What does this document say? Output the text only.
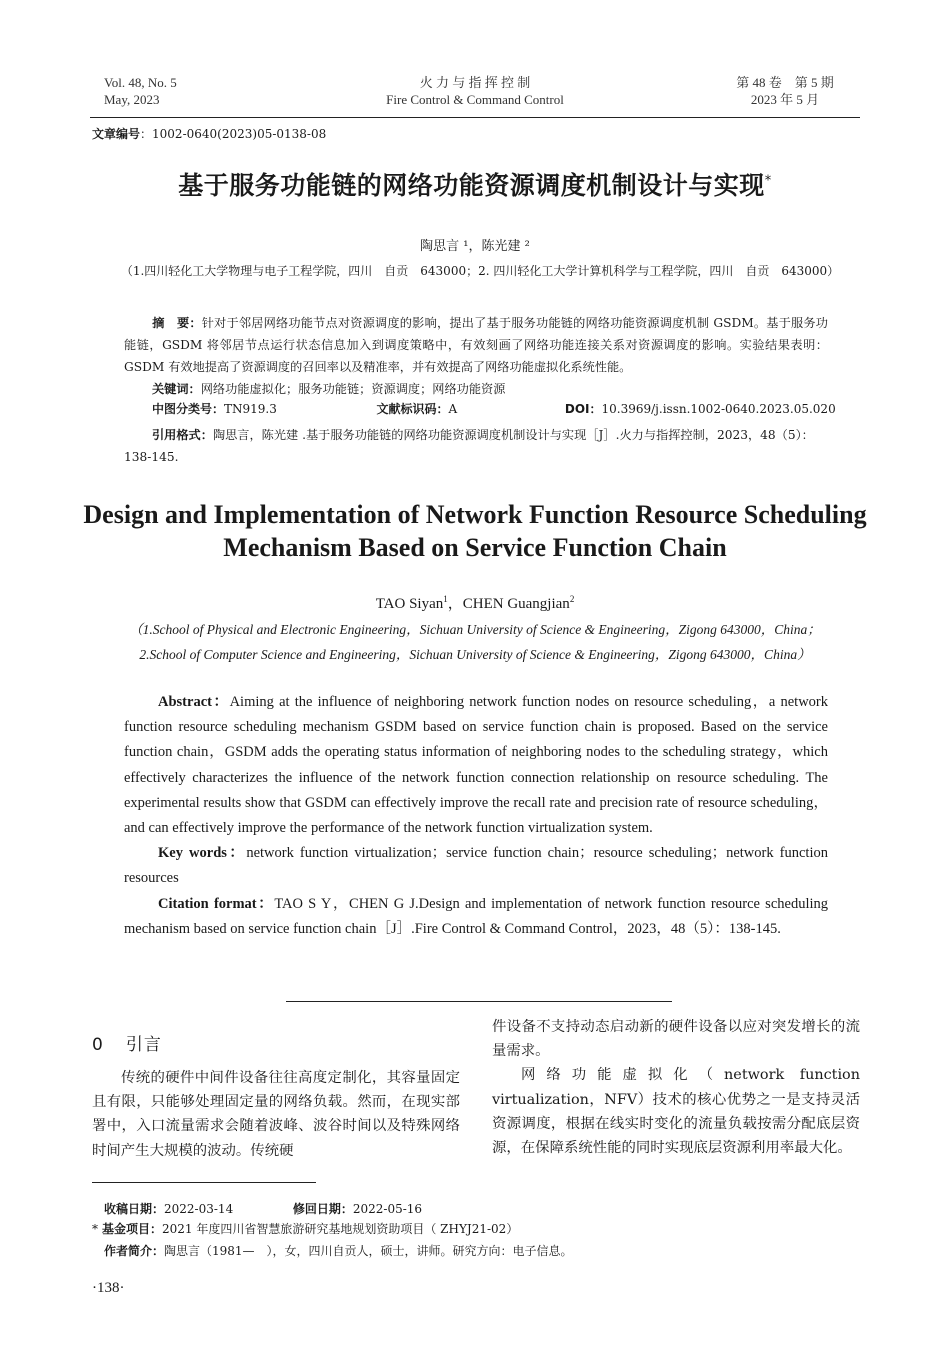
Vol. 48, No. 5
May, 2023
火 力 与 指 挥 控 制
Fire Control & Command Control
第 48 卷　第 5 期
2023 年 5 月
文章编号：1002-0640(2023)05-0138-08
基于服务功能链的网络功能资源调度机制设计与实现*
陶思言 ¹，陈光建 ²
（1.四川轻化工大学物理与电子工程学院，四川　自贡　643000；2. 四川轻化工大学计算机科学与工程学院，四川　自贡　643000）
摘　要：针对于邻居网络功能节点对资源调度的影响，提出了基于服务功能链的网络功能资源调度机制 GSDM。基于服务功能链，GSDM 将邻居节点运行状态信息加入到调度策略中，有效刻画了网络功能连接关系对资源调度的影响。实验结果表明：GSDM 有效地提高了资源调度的召回率以及精准率，并有效提高了网络功能虚拟化系统性能。
关键词：网络功能虚拟化；服务功能链；资源调度；网络功能资源
中图分类号：TN919.3	文献标识码：A	DOI：10.3969/j.issn.1002-0640.2023.05.020
引用格式：陶思言，陈光建 .基于服务功能链的网络功能资源调度机制设计与实现［J］.火力与指挥控制，2023，48（5）：138-145.
Design and Implementation of Network Function Resource Scheduling
Mechanism Based on Service Function Chain
TAO Siyan$^1$，CHEN Guangjian$^2$
（1.School of Physical and Electronic Engineering，Sichuan University of Science & Engineering，Zigong 643000，China；
2.School of Computer Science and Engineering，Sichuan University of Science & Engineering，Zigong 643000，China）

Abstract：Aiming at the influence of neighboring network function nodes on resource scheduling，a network function resource scheduling mechanism GSDM based on service function chain is proposed. Based on the service function chain，GSDM adds the operating status information of neighboring nodes to the scheduling strategy，which effectively characterizes the influence of the network function connection relationship on resource scheduling. The experimental results show that GSDM can effectively improve the recall rate and precision rate of resource scheduling，and can effectively improve the performance of the network function virtualization system.

Key words：network function virtualization；service function chain；resource scheduling；network function resources

Citation format：TAO S Y，CHEN G J.Design and implementation of network function resource scheduling mechanism based on service function chain［J］.Fire Control & Command Control，2023，48（5）：138-145.

0 引言

传统的硬件中间件设备往往高度定制化，其容量固定且有限，只能够处理固定量的网络负载。然而，在现实部署中，入口流量需求会随着波峰、波谷时间以及特殊网络时间产生大规模的波动。传统硬

件设备不支持动态启动新的硬件设备以应对突发增长的流量需求。

网络功能虚拟化（network function virtualization，NFV）技术的核心优势之一是支持灵活资源调度，根据在线实时变化的流量负载按需分配底层资源，在保障系统性能的同时实现底层资源利用率最大化。

收稿日期：2022-03-14	修回日期：2022-05-16
* 基金项目：2021 年度四川省智慧旅游研究基地规划资助项目（ ZHYJ21-02）
作者简介：陶思言（1981—　），女，四川自贡人，硕士，讲师。研究方向：电子信息。
·138·
